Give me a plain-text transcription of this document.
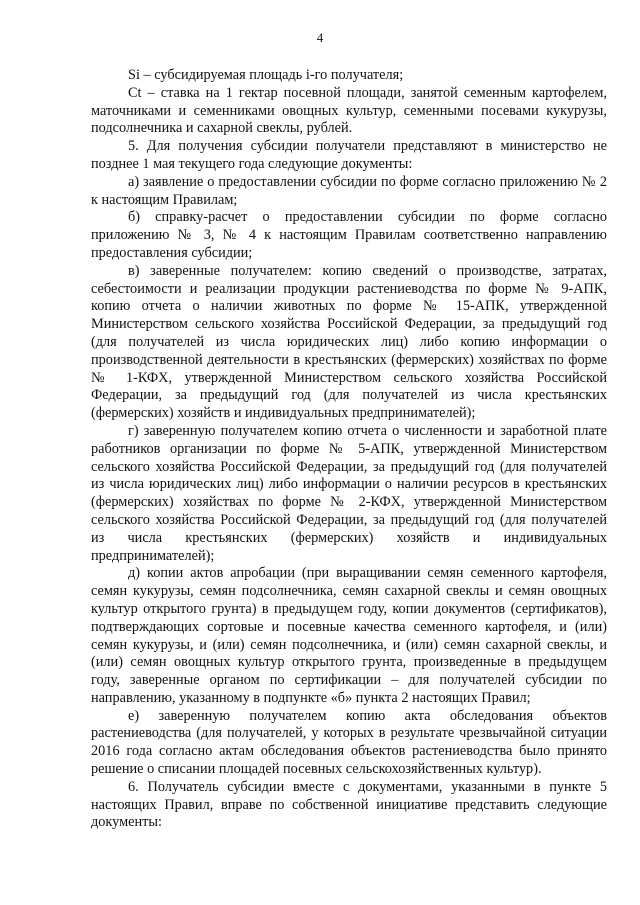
4

Si – субсидируемая площадь i-го получателя;

Ct – ставка на 1 гектар посевной площади, занятой семенным картофелем, маточниками и семенниками овощных культур, семенными посевами кукурузы, подсолнечника и сахарной свеклы, рублей.

5. Для получения субсидии получатели представляют в министерство не позднее 1 мая текущего года следующие документы:

а) заявление о предоставлении субсидии по форме согласно приложению № 2 к настоящим Правилам;

б) справку-расчет о предоставлении субсидии по форме согласно приложению № 3, № 4 к настоящим Правилам соответственно направлению предоставления субсидии;

в) заверенные получателем: копию сведений о производстве, затратах, себестоимости и реализации продукции растениеводства по форме № 9-АПК, копию отчета о наличии животных по форме № 15-АПК, утвержденной Министерством сельского хозяйства Российской Федерации, за предыдущий год (для получателей из числа юридических лиц) либо копию информации о производственной деятельности в крестьянских (фермерских) хозяйствах по форме № 1-КФХ, утвержденной Министерством сельского хозяйства Российской Федерации, за предыдущий год (для получателей из числа крестьянских (фермерских) хозяйств и индивидуальных предпринимателей);

г) заверенную получателем копию отчета о численности и заработной плате работников организации по форме № 5-АПК, утвержденной Министерством сельского хозяйства Российской Федерации, за предыдущий год (для получателей из числа юридических лиц) либо информации о наличии ресурсов в крестьянских (фермерских) хозяйствах по форме № 2-КФХ, утвержденной Министерством сельского хозяйства Российской Федерации, за предыдущий год (для получателей из числа крестьянских (фермерских) хозяйств и индивидуальных предпринимателей);

д) копии актов апробации (при выращивании семян семенного картофеля, семян кукурузы, семян подсолнечника, семян сахарной свеклы и семян овощных культур открытого грунта) в предыдущем году, копии документов (сертификатов), подтверждающих сортовые и посевные качества семенного картофеля, и (или) семян кукурузы, и (или) семян подсолнечника, и (или) семян сахарной свеклы, и (или) семян овощных культур открытого грунта, произведенные в предыдущем году, заверенные органом по сертификации – для получателей субсидии по направлению, указанному в подпункте «б» пункта 2 настоящих Правил;

е) заверенную получателем копию акта обследования объектов растениеводства (для получателей, у которых в результате чрезвычайной ситуации 2016 года согласно актам обследования объектов растениеводства было принято решение о списании площадей посевных сельскохозяйственных культур).

6. Получатель субсидии вместе с документами, указанными в пункте 5 настоящих Правил, вправе по собственной инициативе представить следующие документы:
